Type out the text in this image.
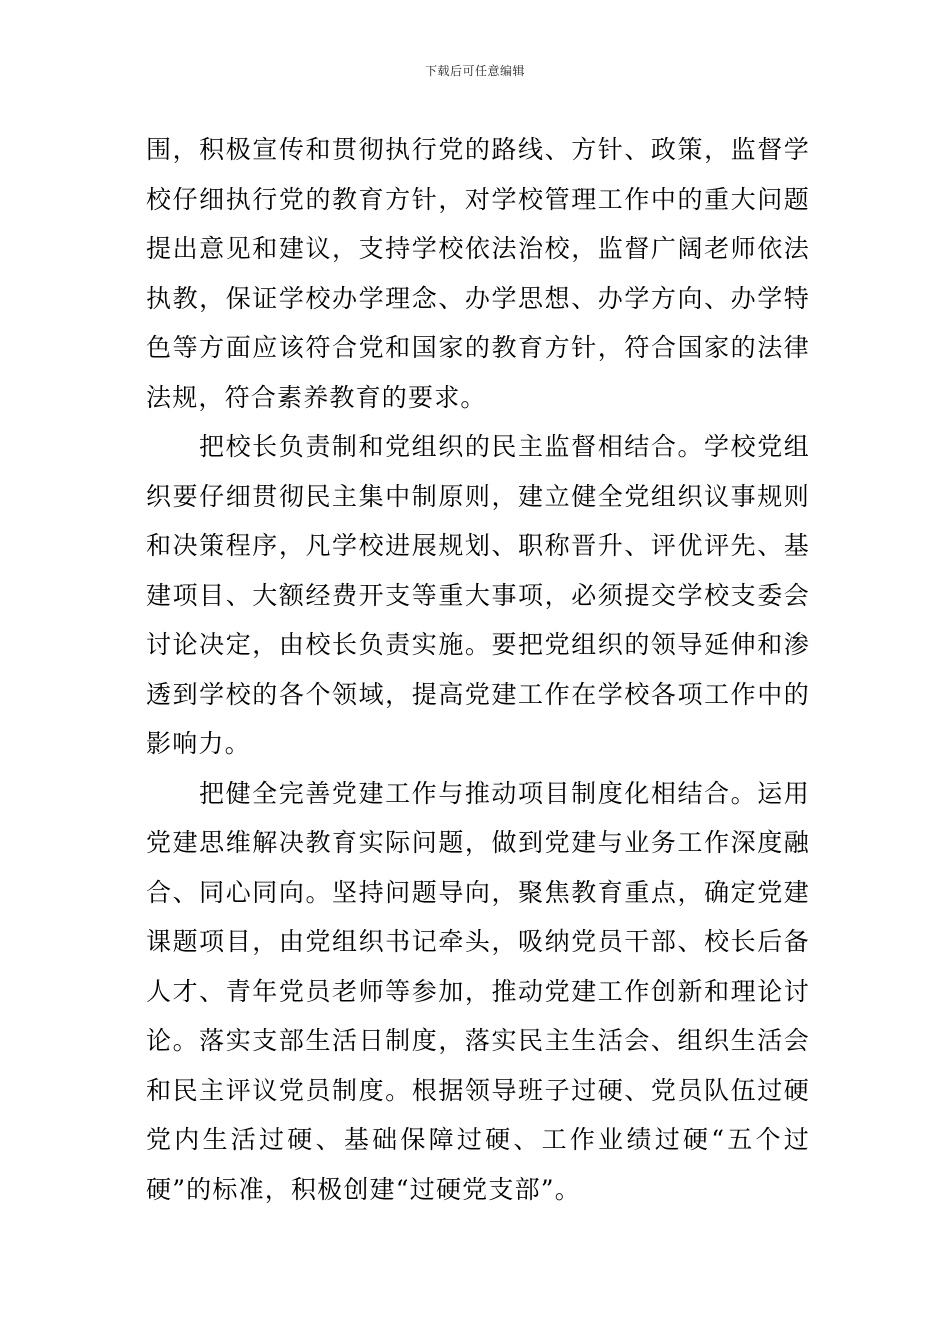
下载后可任意编辑

围，积极宣传和贯彻执行党的路线、方针、政策，监督学校仔细执行党的教育方针，对学校管理工作中的重大问题提出意见和建议，支持学校依法治校，监督广阔老师依法执教，保证学校办学理念、办学思想、办学方向、办学特色等方面应该符合党和国家的教育方针，符合国家的法律法规，符合素养教育的要求。

把校长负责制和党组织的民主监督相结合。学校党组织要仔细贯彻民主集中制原则，建立健全党组织议事规则和决策程序，凡学校进展规划、职称晋升、评优评先、基建项目、大额经费开支等重大事项，必须提交学校支委会讨论决定，由校长负责实施。要把党组织的领导延伸和渗透到学校的各个领域，提高党建工作在学校各项工作中的影响力。

把健全完善党建工作与推动项目制度化相结合。运用党建思维解决教育实际问题，做到党建与业务工作深度融合、同心同向。坚持问题导向，聚焦教育重点，确定党建课题项目，由党组织书记牵头，吸纳党员干部、校长后备人才、青年党员老师等参加，推动党建工作创新和理论讨论。落实支部生活日制度，落实民主生活会、组织生活会和民主评议党员制度。根据领导班子过硬、党员队伍过硬党内生活过硬、基础保障过硬、工作业绩过硬“五个过硬”的标准，积极创建“过硬党支部”。
